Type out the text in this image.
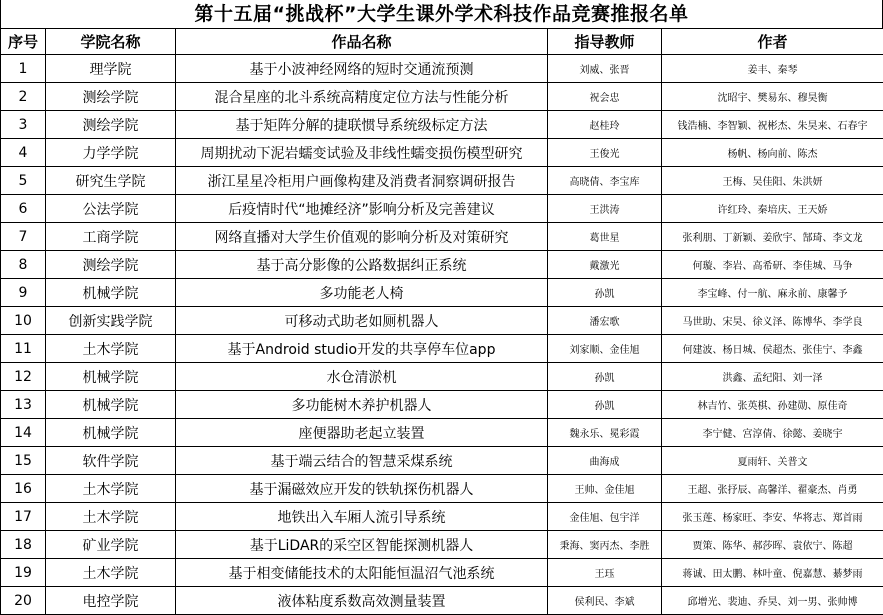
第十五届“挑战杯”大学生课外学术科技作品竞赛推报名单
序号	学院名称	作品名称	指导教师	作者
1	理学院	基于小波神经网络的短时交通流预测	刘威、张晋	姜丰、秦琴
2	测绘学院	混合星座的北斗系统高精度定位方法与性能分析	祝会忠	沈昭宇、樊易东、穆昊衡
3	测绘学院	基于矩阵分解的捷联惯导系统级标定方法	赵桂玲	钱浩楠、李智颖、祝彬杰、朱昊来、石春宇
4	力学学院	周期扰动下泥岩蠕变试验及非线性蠕变损伤模型研究	王俊光	杨帆、杨向前、陈杰
5	研究生学院	浙江星星冷柜用户画像构建及消费者洞察调研报告	高晓倩、李宝库	王梅、吴佳阳、朱洪妍
6	公法学院	后疫情时代“地摊经济”影响分析及完善建议	王洪涛	许红玲、秦培庆、王天娇
7	工商学院	网络直播对大学生价值观的影响分析及对策研究	葛世星	张利朋、丁新颖、姜欣宇、郜琦、李文龙
8	测绘学院	基于高分影像的公路数据纠正系统	戴激光	何璇、李岩、高希研、李佳城、马争
9	机械学院	多功能老人椅	孙凯	李宝峰、付一航、麻永前、康馨予
10	创新实践学院	可移动式助老如厕机器人	潘宏歌	马世助、宋昊、徐义泽、陈博华、李学良
11	土木学院	基于Android studio开发的共享停车位app	刘家顺、金佳旭	何建波、杨日城、侯超杰、张佳宁、李鑫
12	机械学院	水仓清淤机	孙凯	洪鑫、孟纪阳、刘一泽
13	机械学院	多功能树木养护机器人	孙凯	林吉竹、张英棋、孙建勋、原佳奇
14	机械学院	座便器助老起立装置	魏永乐、冕彩霞	李宁健、宫淳倩、徐懿、姜晓宇
15	软件学院	基于端云结合的智慧采煤系统	曲海成	夏雨轩、关普文
16	土木学院	基于漏磁效应开发的铁轨探伤机器人	王帅、金佳旭	王超、张抒辰、高馨洋、翟豪杰、肖勇
17	土木学院	地铁出入车厢人流引导系统	金佳旭、包宇洋	张玉莲、杨家旺、李安、华将志、郑首雨
18	矿业学院	基于LiDAR的采空区智能探测机器人	秉海、窦丙杰、李胜	贾策、陈华、郝莎晖、袁依宁、陈超
19	土木学院	基于相变储能技术的太阳能恒温沼气池系统	王珏	蒋诚、田太鹏、林叶童、倪嘉慧、綦梦雨
20	电控学院	液体粘度系数高效测量装置	侯利民、李斌	邱增光、裴迪、乔昊、刘一男、张帅博
